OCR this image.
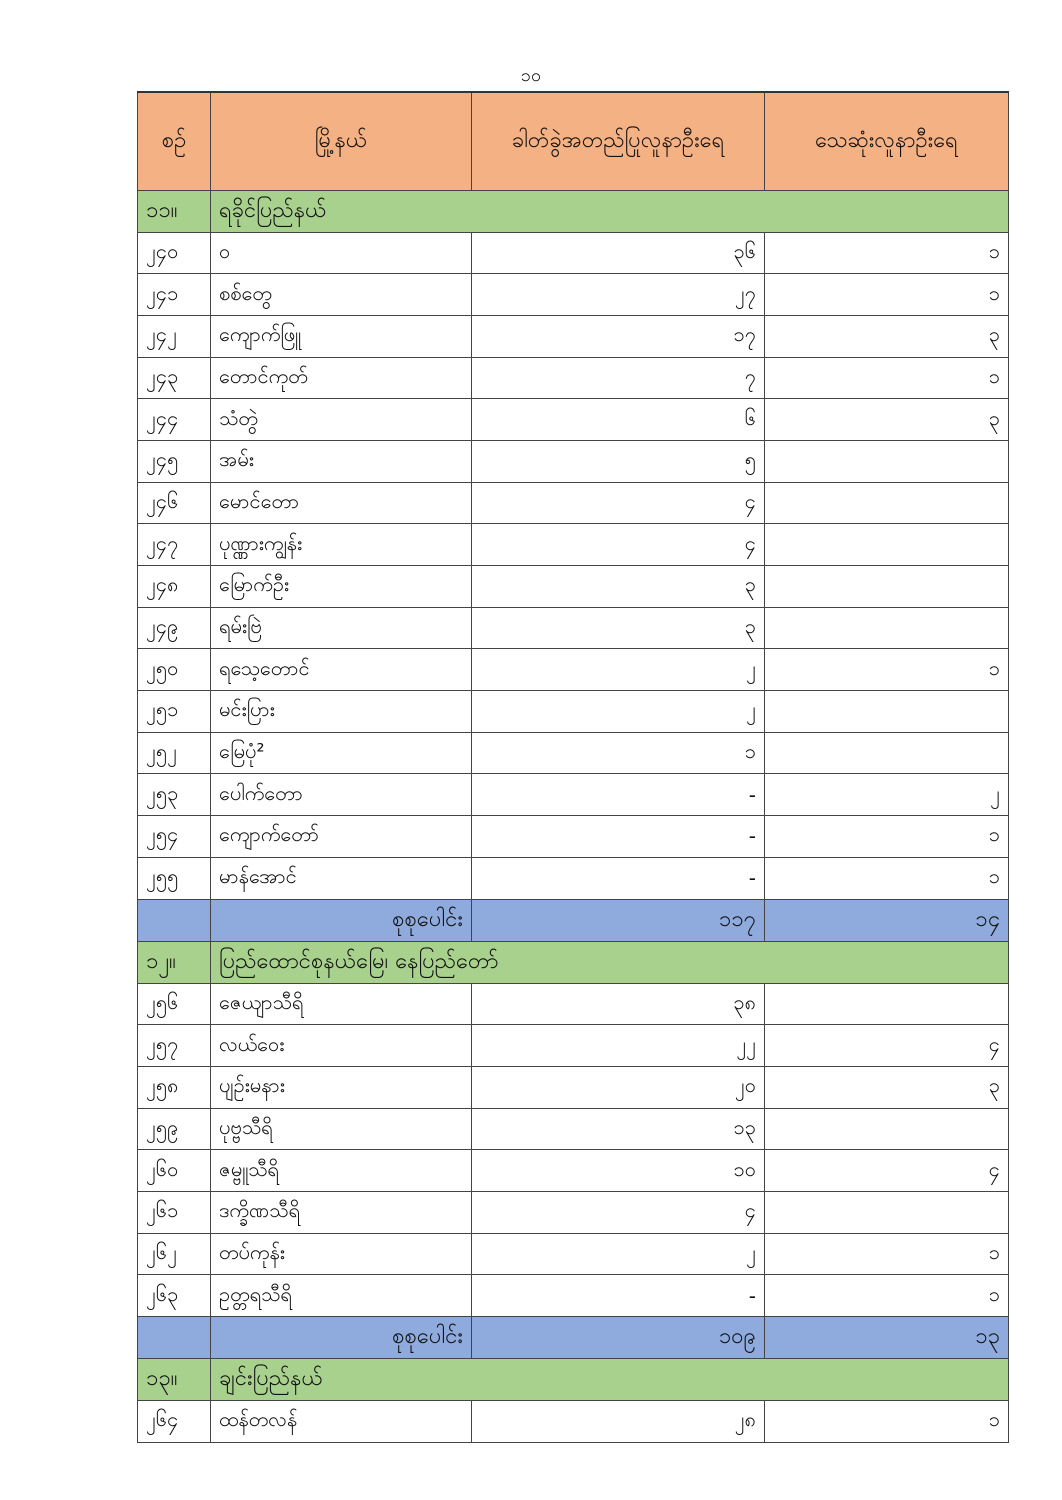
၁၀
စဉ်	မြို့နယ်	ခါတ်ခွဲအတည်ပြုလူနာဦးရေ	သေဆုံးလူနာဦးရေ
၁၁။	ရခိုင်ပြည်နယ်		
၂၄၀	ဝ	၃၆	၁
၂၄၁	စစ်တွေ	၂၇	၁
၂၄၂	ကျောက်ဖြူ	၁၇	၃
၂၄၃	တောင်ကုတ်	၇	၁
၂၄၄	သံတွဲ	၆	၃
၂၄၅	အမ်း	၅	
၂၄၆	မောင်တော	၄	
၂၄၇	ပုဏ္ဏားကျွန်း	၄	
၂၄၈	မြောက်ဦး	၃	
၂၄၉	ရမ်းဗြဲ	၃	
၂၅၀	ရသေ့တောင်	၂	၁
၂၅၁	မင်းပြား	၂	
၂၅၂	မြေပုံ²	၁	
၂၅၃	ပေါက်တော	-	၂
၂၅၄	ကျောက်တော်	-	၁
၂၅၅	မာန်အောင်	-	၁
	စုစုပေါင်း	၁၁၇	၁၄
၁၂။	ပြည်ထောင်စုနယ်မြေ၊ နေပြည်တော်		
၂၅၆	ဇေယျာသီရိ	၃၈	
၂၅၇	လယ်ဝေး	၂၂	၄
၂၅၈	ပျဉ်းမနား	၂၀	၃
၂၅၉	ပုဗ္ဗသီရိ	၁၃	
၂၆၀	ဇမ္ဗူသီရိ	၁၀	၄
၂၆၁	ဒက္ခိဏသီရိ	၄	
၂၆၂	တပ်ကုန်း	၂	၁
၂၆၃	ဥတ္တရသီရိ	-	၁
	စုစုပေါင်း	၁၀၉	၁၃
၁၃။	ချင်းပြည်နယ်		
၂၆၄	ထန်တလန်	၂၈	၁
